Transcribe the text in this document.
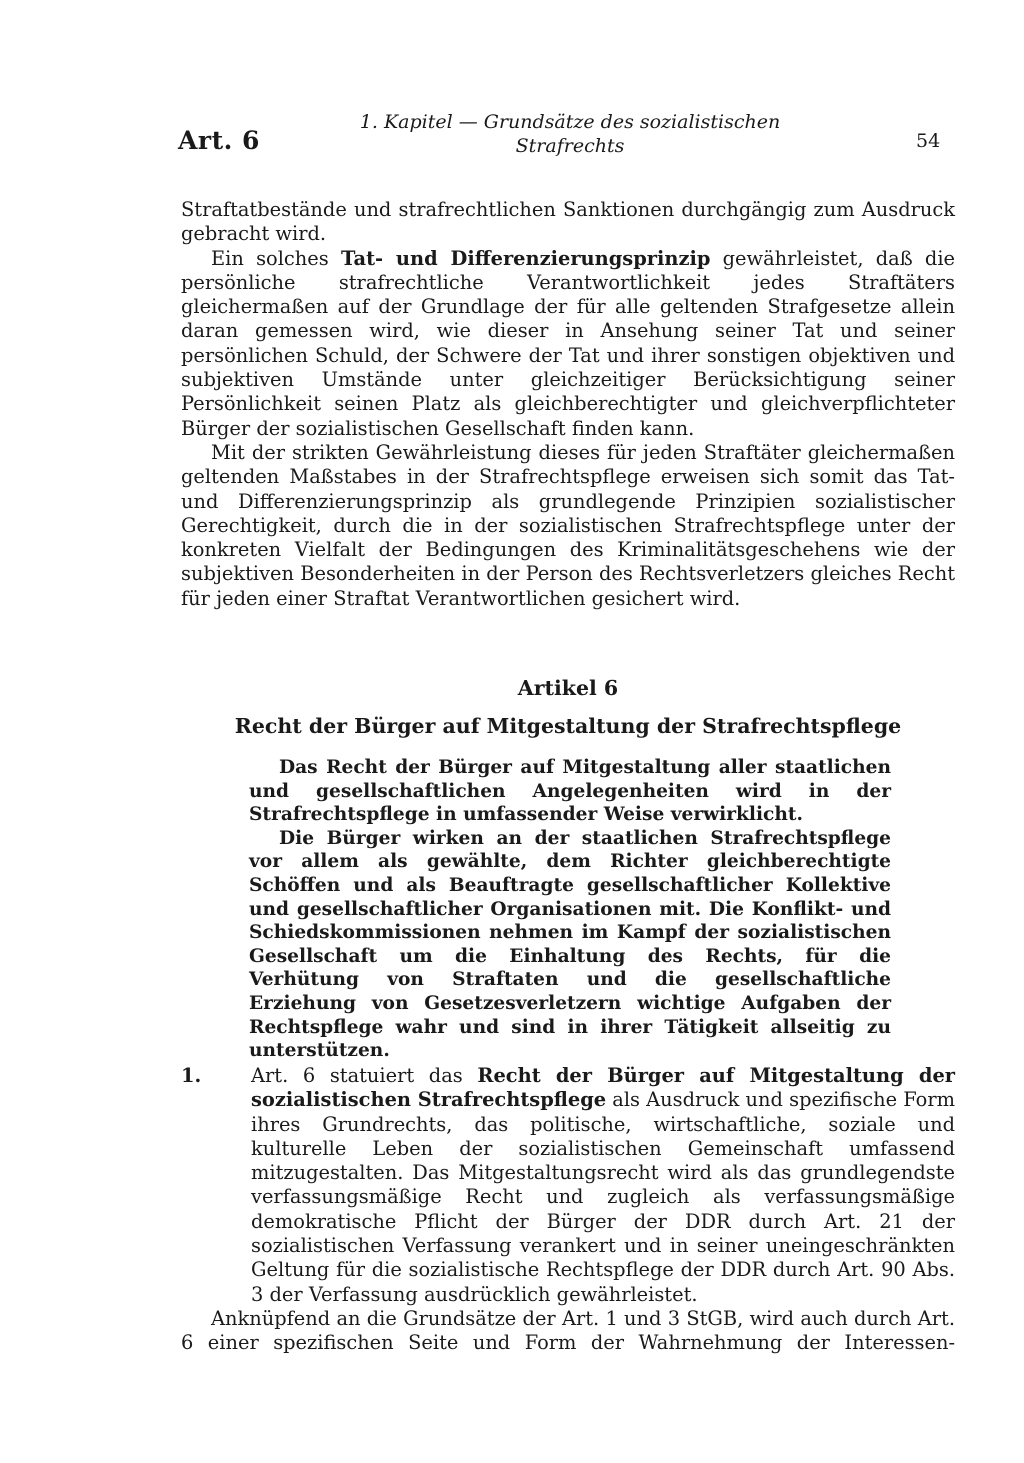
Art. 6
1. Kapitel — Grundsätze des sozialistischen
Strafrechts	54

Straftatbestände und strafrechtlichen Sanktionen durchgängig zum Ausdruck gebracht wird.

Ein solches Tat- und Differenzierungsprinzip gewährleistet, daß die persönliche strafrechtliche Verantwortlichkeit jedes Straftäters gleichermaßen auf der Grundlage der für alle geltenden Strafgesetze allein daran gemessen wird, wie dieser in Ansehung seiner Tat und seiner persönlichen Schuld, der Schwere der Tat und ihrer sonstigen objektiven und subjektiven Umstände unter gleichzeitiger Berücksichtigung seiner Persönlichkeit seinen Platz als gleichberechtigter und gleichverpflichteter Bürger der sozialistischen Gesellschaft finden kann.

Mit der strikten Gewährleistung dieses für jeden Straftäter gleichermaßen geltenden Maßstabes in der Strafrechtspflege erweisen sich somit das Tat- und Differenzierungsprinzip als grundlegende Prinzipien sozialistischer Gerechtigkeit, durch die in der sozialistischen Strafrechtspflege unter der konkreten Vielfalt der Bedingungen des Kriminalitätsgeschehens wie der subjektiven Besonderheiten in der Person des Rechtsverletzers gleiches Recht für jeden einer Straftat Verantwortlichen gesichert wird.

Artikel 6
Recht der Bürger auf Mitgestaltung der Strafrechtspflege

Das Recht der Bürger auf Mitgestaltung aller staatlichen und gesellschaftlichen Angelegenheiten wird in der Strafrechtspflege in umfassender Weise verwirklicht.

Die Bürger wirken an der staatlichen Strafrechtspflege vor allem als gewählte, dem Richter gleichberechtigte Schöffen und als Beauftragte gesellschaftlicher Kollektive und gesellschaftlicher Organisationen mit. Die Konflikt- und Schiedskommissionen nehmen im Kampf der sozialistischen Gesellschaft um die Einhaltung des Rechts, für die Verhütung von Straftaten und die gesellschaftliche Erziehung von Gesetzesverletzern wichtige Aufgaben der Rechtspflege wahr und sind in ihrer Tätigkeit allseitig zu unterstützen.

1.	Art. 6 statuiert das Recht der Bürger auf Mitgestaltung der sozialistischen Strafrechtspflege als Ausdruck und spezifische Form ihres Grundrechts, das politische, wirtschaftliche, soziale und kulturelle Leben der sozialistischen Gemeinschaft umfassend mitzugestalten. Das Mitgestaltungsrecht wird als das grundlegendste verfassungsmäßige Recht und zugleich als verfassungsmäßige demokratische Pflicht der Bürger der DDR durch Art. 21 der sozialistischen Verfassung verankert und in seiner uneingeschränkten Geltung für die sozialistische Rechtspflege der DDR durch Art. 90 Abs. 3 der Verfassung ausdrücklich gewährleistet.

Anknüpfend an die Grundsätze der Art. 1 und 3 StGB, wird auch durch Art. 6 einer spezifischen Seite und Form der Wahrnehmung der Interessen-
